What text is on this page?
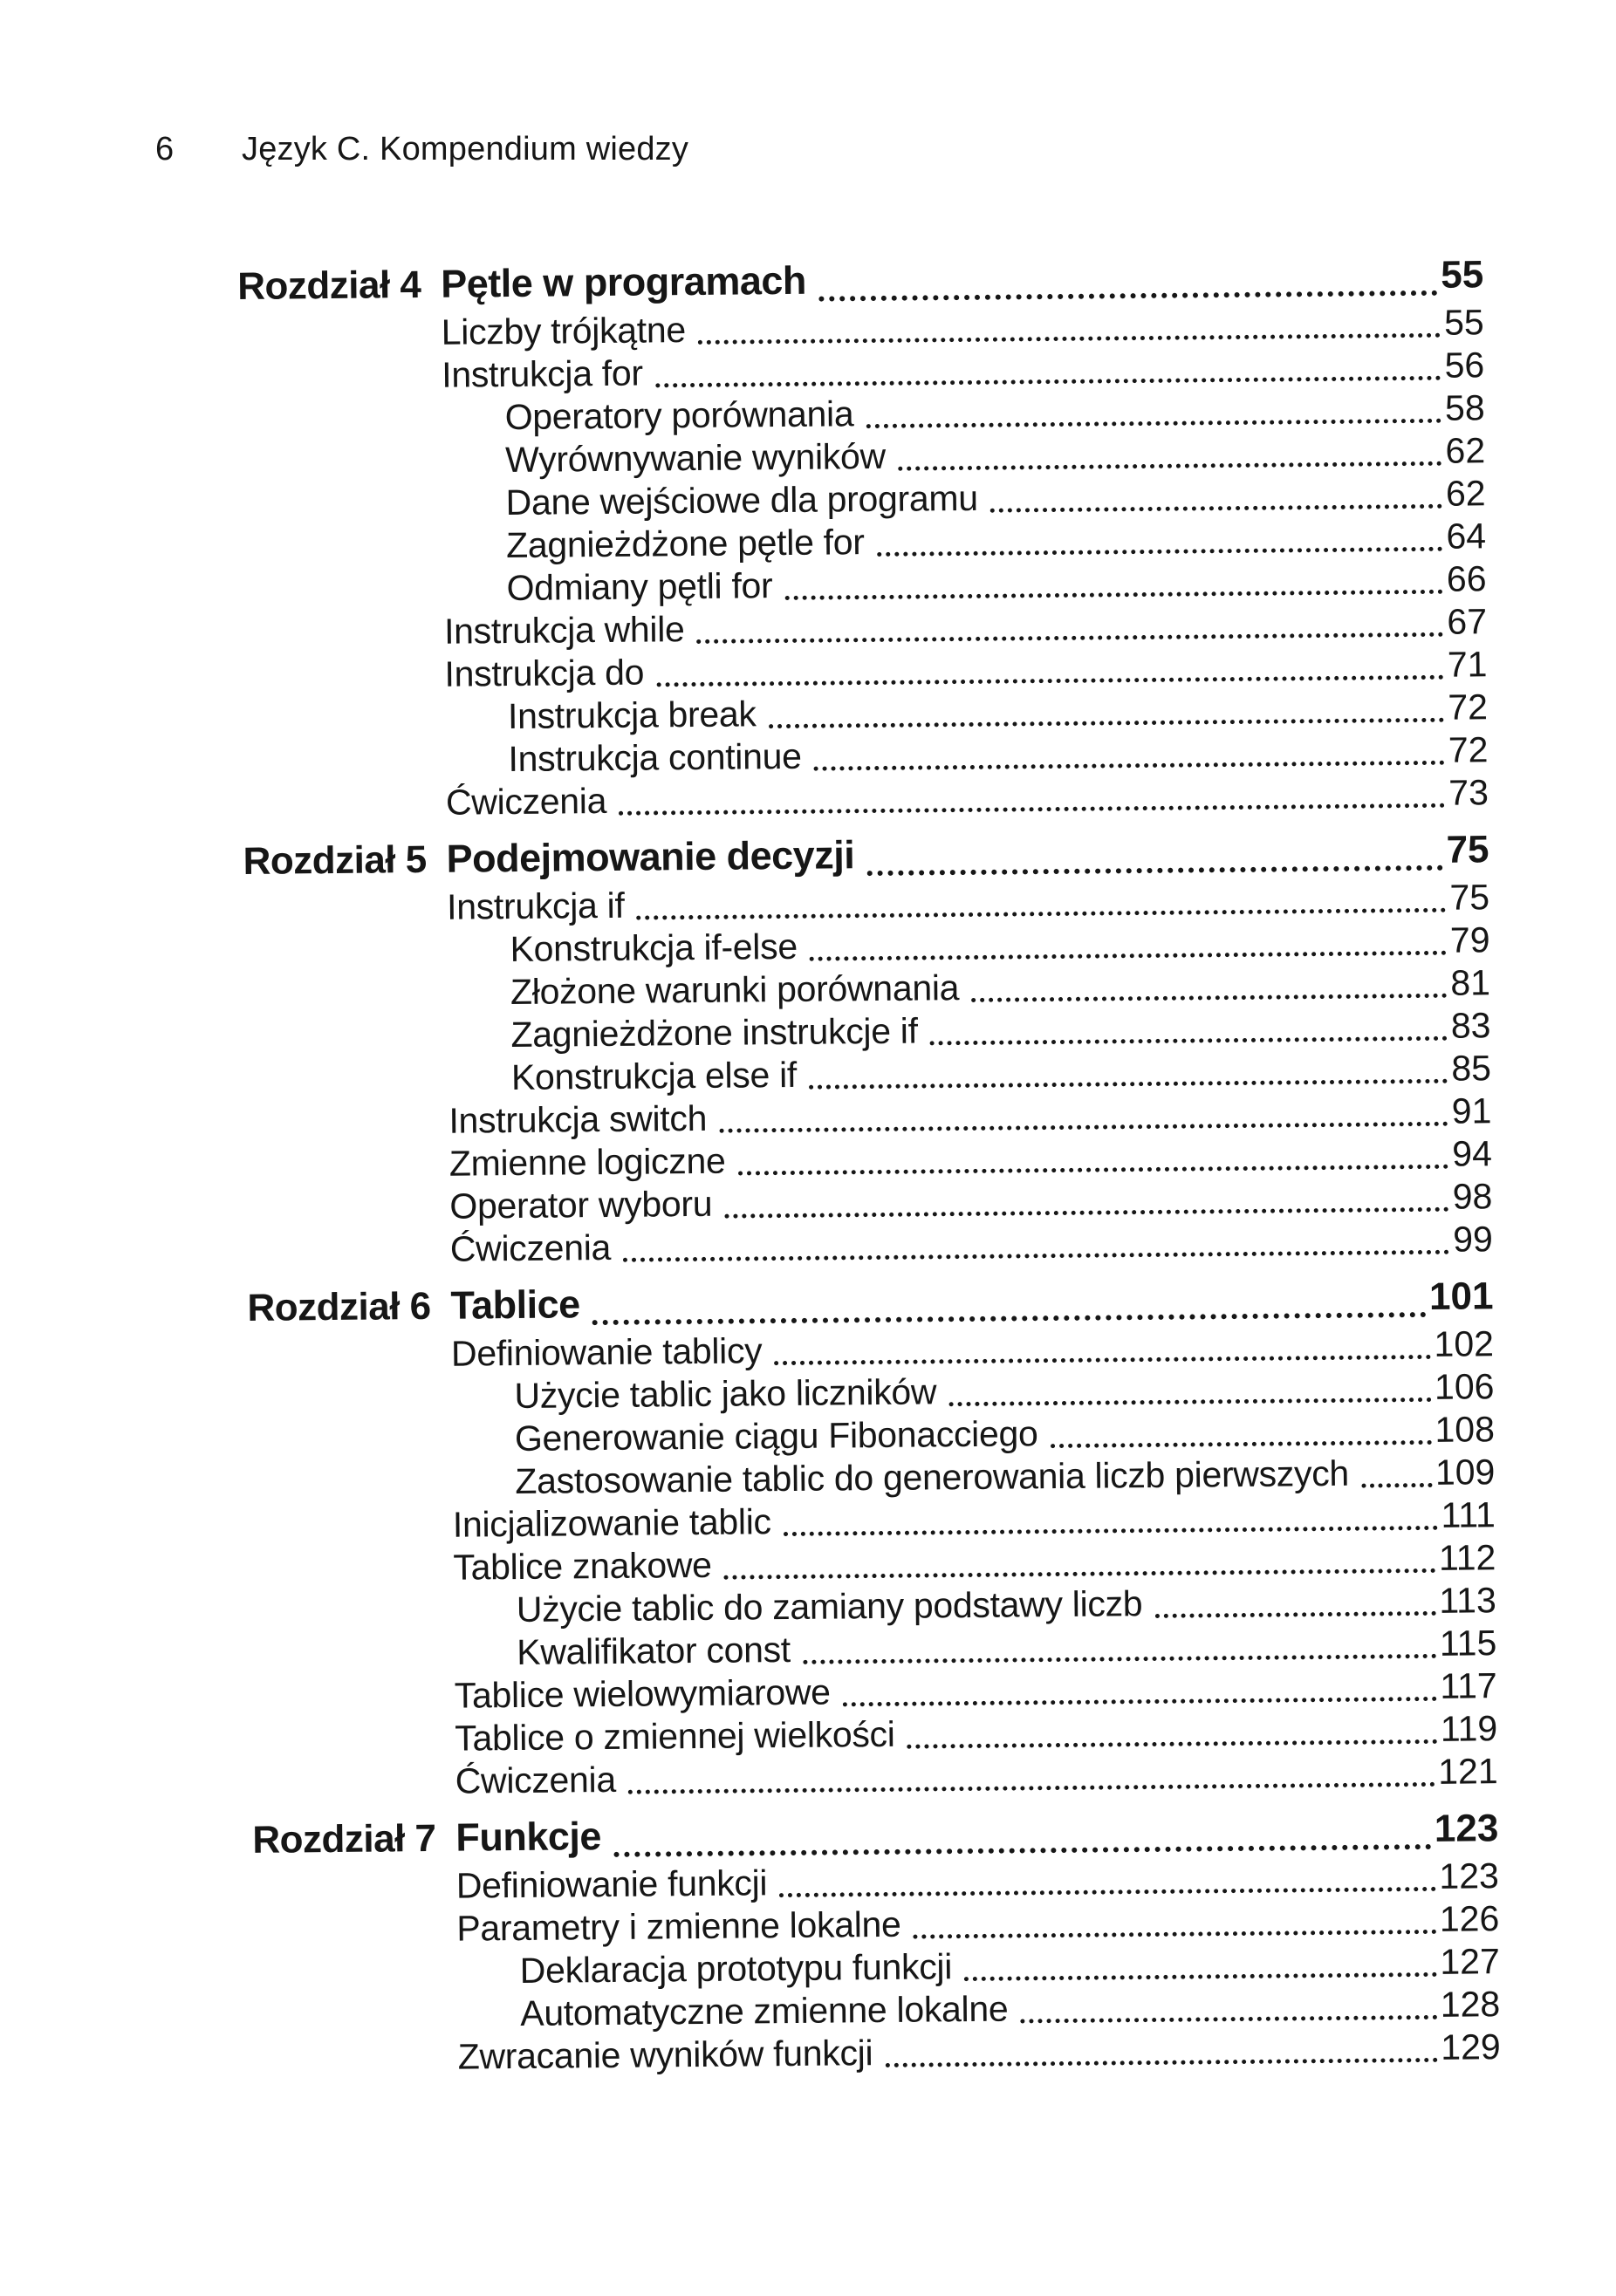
6	Język C. Kompendium wiedzy
Rozdział 4 Pętle w programach	55
Liczby trójkątne	55
Instrukcja for	56
Operatory porównania	58
Wyrównywanie wyników	62
Dane wejściowe dla programu	62
Zagnieżdżone pętle for	64
Odmiany pętli for	66
Instrukcja while	67
Instrukcja do	71
Instrukcja break	72
Instrukcja continue	72
Ćwiczenia	73
Rozdział 5 Podejmowanie decyzji	75
Instrukcja if	75
Konstrukcja if-else	79
Złożone warunki porównania	81
Zagnieżdżone instrukcje if	83
Konstrukcja else if	85
Instrukcja switch	91
Zmienne logiczne	94
Operator wyboru	98
Ćwiczenia	99
Rozdział 6 Tablice	101
Definiowanie tablicy	102
Użycie tablic jako liczników	106
Generowanie ciągu Fibonacciego	108
Zastosowanie tablic do generowania liczb pierwszych 109
Inicjalizowanie tablic	111
Tablice znakowe	112
Użycie tablic do zamiany podstawy liczb	113
Kwalifikator const	115
Tablice wielowymiarowe	117
Tablice o zmiennej wielkości	119
Ćwiczenia	121
Rozdział 7 Funkcje	123
Definiowanie funkcji	123
Parametry i zmienne lokalne	126
Deklaracja prototypu funkcji	127
Automatyczne zmienne lokalne	128
Zwracanie wyników funkcji	129
